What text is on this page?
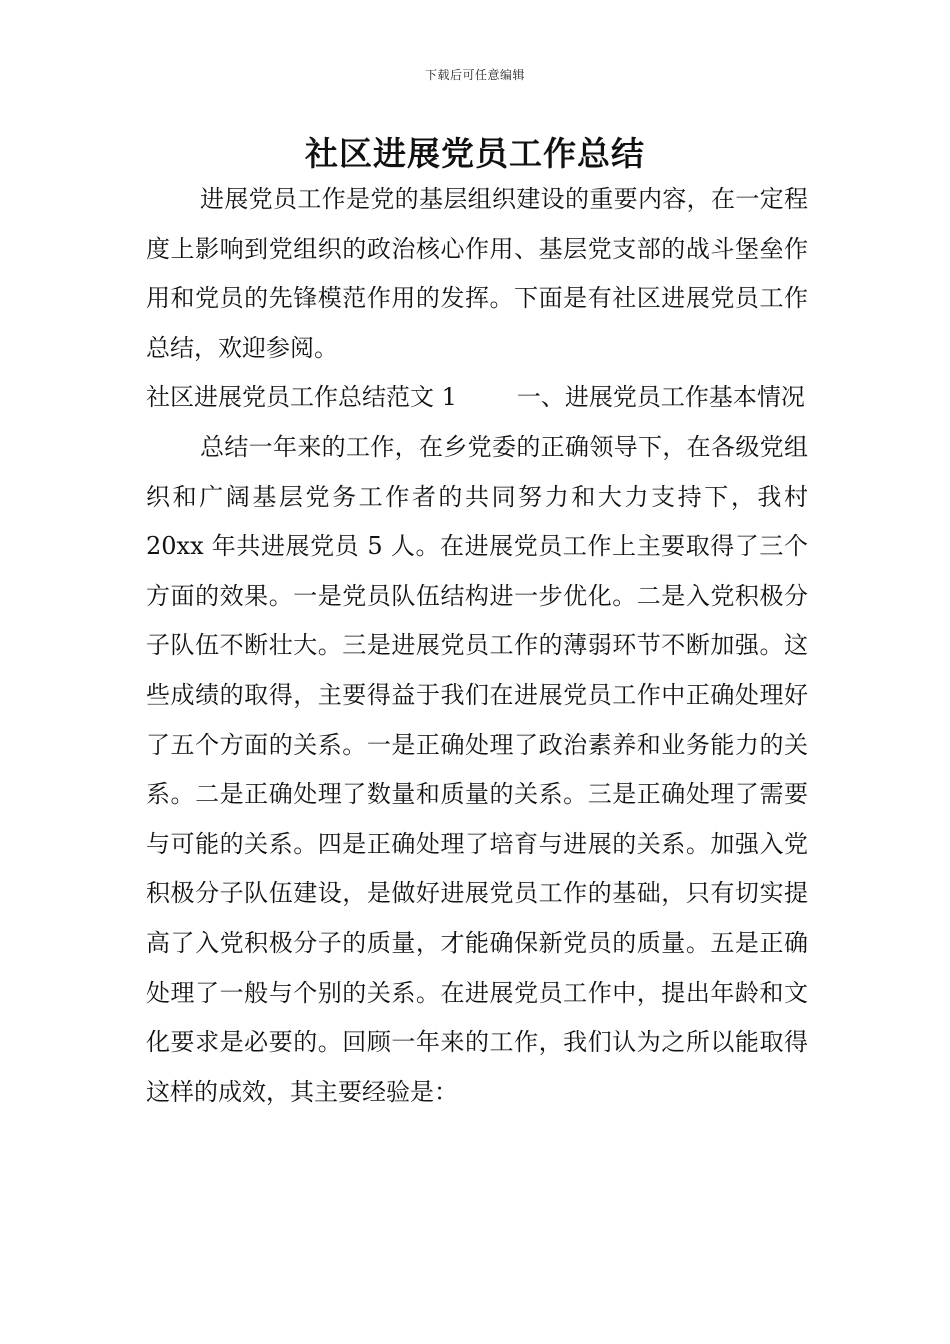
下载后可任意编辑
社区进展党员工作总结

进展党员工作是党的基层组织建设的重要内容，在一定程度上影响到党组织的政治核心作用、基层党支部的战斗堡垒作用和党员的先锋模范作用的发挥。下面是有社区进展党员工作总结，欢迎参阅。

社区进展党员工作总结范文 1	一、进展党员工作基本情况

总结一年来的工作，在乡党委的正确领导下，在各级党组织和广阔基层党务工作者的共同努力和大力支持下，我村 20xx 年共进展党员 5 人。在进展党员工作上主要取得了三个方面的效果。一是党员队伍结构进一步优化。二是入党积极分子队伍不断壮大。三是进展党员工作的薄弱环节不断加强。这些成绩的取得，主要得益于我们在进展党员工作中正确处理好了五个方面的关系。一是正确处理了政治素养和业务能力的关系。二是正确处理了数量和质量的关系。三是正确处理了需要与可能的关系。四是正确处理了培育与进展的关系。加强入党积极分子队伍建设，是做好进展党员工作的基础，只有切实提高了入党积极分子的质量，才能确保新党员的质量。五是正确处理了一般与个别的关系。在进展党员工作中，提出年龄和文化要求是必要的。回顾一年来的工作，我们认为之所以能取得这样的成效，其主要经验是：
